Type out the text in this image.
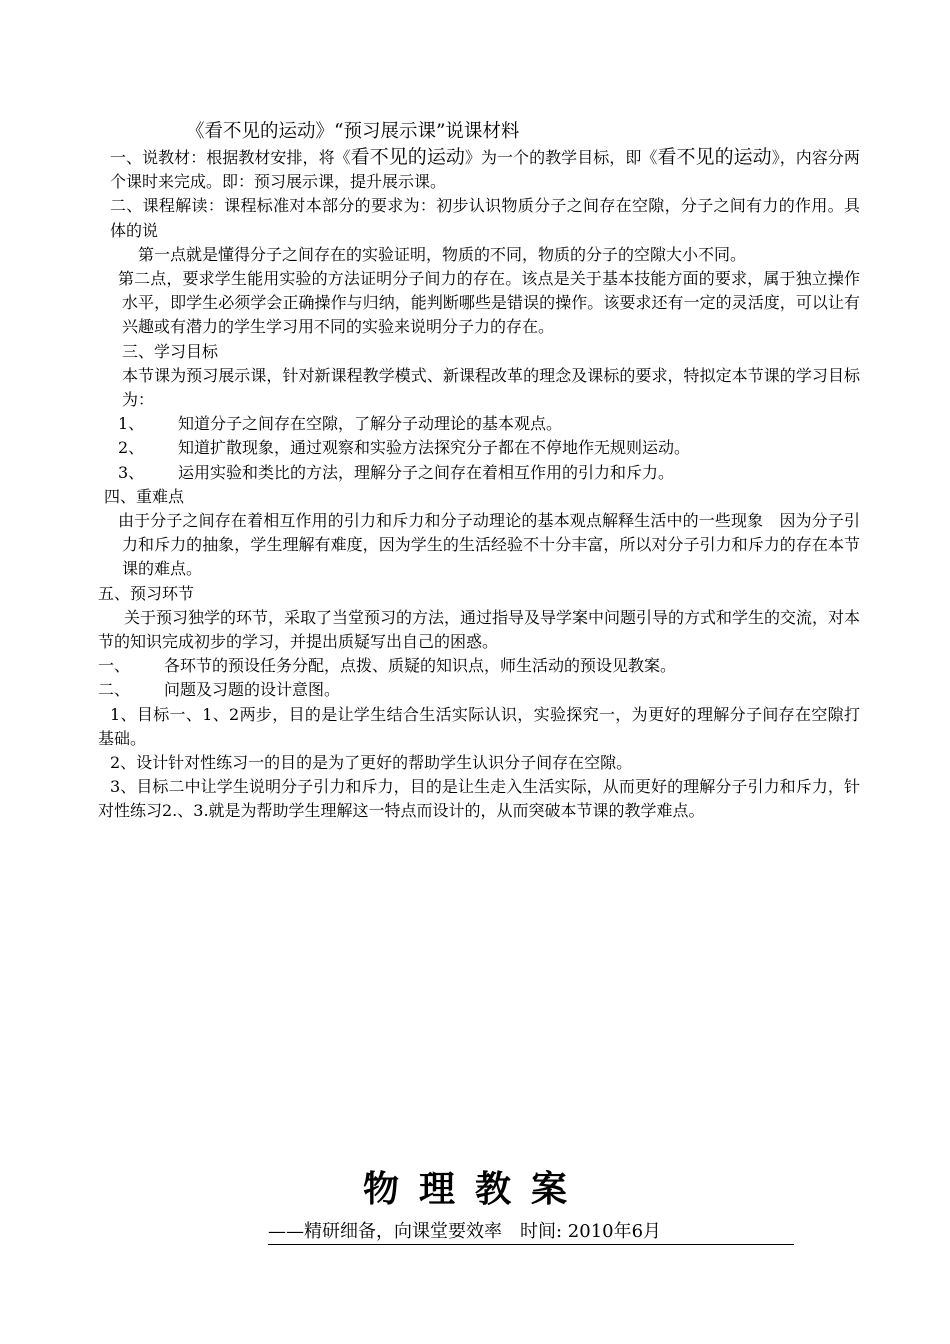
《看不见的运动》“预习展示课”说课材料

一、说教材：根据教材安排，将《看不见的运动》为一个的教学目标，即《看不见的运动》，内容分两个课时来完成。即：预习展示课，提升展示课。

二、课程解读：课程标准对本部分的要求为：初步认识物质分子之间存在空隙，分子之间有力的作用。具体的说

第一点就是懂得分子之间存在的实验证明，物质的不同，物质的分子的空隙大小不同。

第二点，要求学生能用实验的方法证明分子间力的存在。该点是关于基本技能方面的要求，属于独立操作水平，即学生必须学会正确操作与归纳，能判断哪些是错误的操作。该要求还有一定的灵活度，可以让有兴趣或有潜力的学生学习用不同的实验来说明分子力的存在。

三、学习目标

本节课为预习展示课，针对新课程教学模式、新课程改革的理念及课标的要求，特拟定本节课的学习目标为：

1、 知道分子之间存在空隙，了解分子动理论的基本观点。

2、 知道扩散现象，通过观察和实验方法探究分子都在不停地作无规则运动。

3、 运用实验和类比的方法，理解分子之间存在着相互作用的引力和斥力。

四、重难点

由于分子之间存在着相互作用的引力和斥力和分子动理论的基本观点解释生活中的一些现象　因为分子引力和斥力的抽象，学生理解有难度，因为学生的生活经验不十分丰富，所以对分子引力和斥力的存在本节课的难点。

五、预习环节

关于预习独学的环节，采取了当堂预习的方法，通过指导及导学案中问题引导的方式和学生的交流，对本节的知识完成初步的学习，并提出质疑写出自己的困惑。

一、 各环节的预设任务分配，点拨、质疑的知识点，师生活动的预设见教案。

二、 问题及习题的设计意图。

1、目标一、1、2两步，目的是让学生结合生活实际认识，实验探究一，为更好的理解分子间存在空隙打基础。

2、设计针对性练习一的目的是为了更好的帮助学生认识分子间存在空隙。

3、目标二中让学生说明分子引力和斥力，目的是让生走入生活实际，从而更好的理解分子引力和斥力，针对性练习2.、3.就是为帮助学生理解这一特点而设计的，从而突破本节课的教学难点。

物理教案
——精研细备，向课堂要效率　时间: 2010年6月
